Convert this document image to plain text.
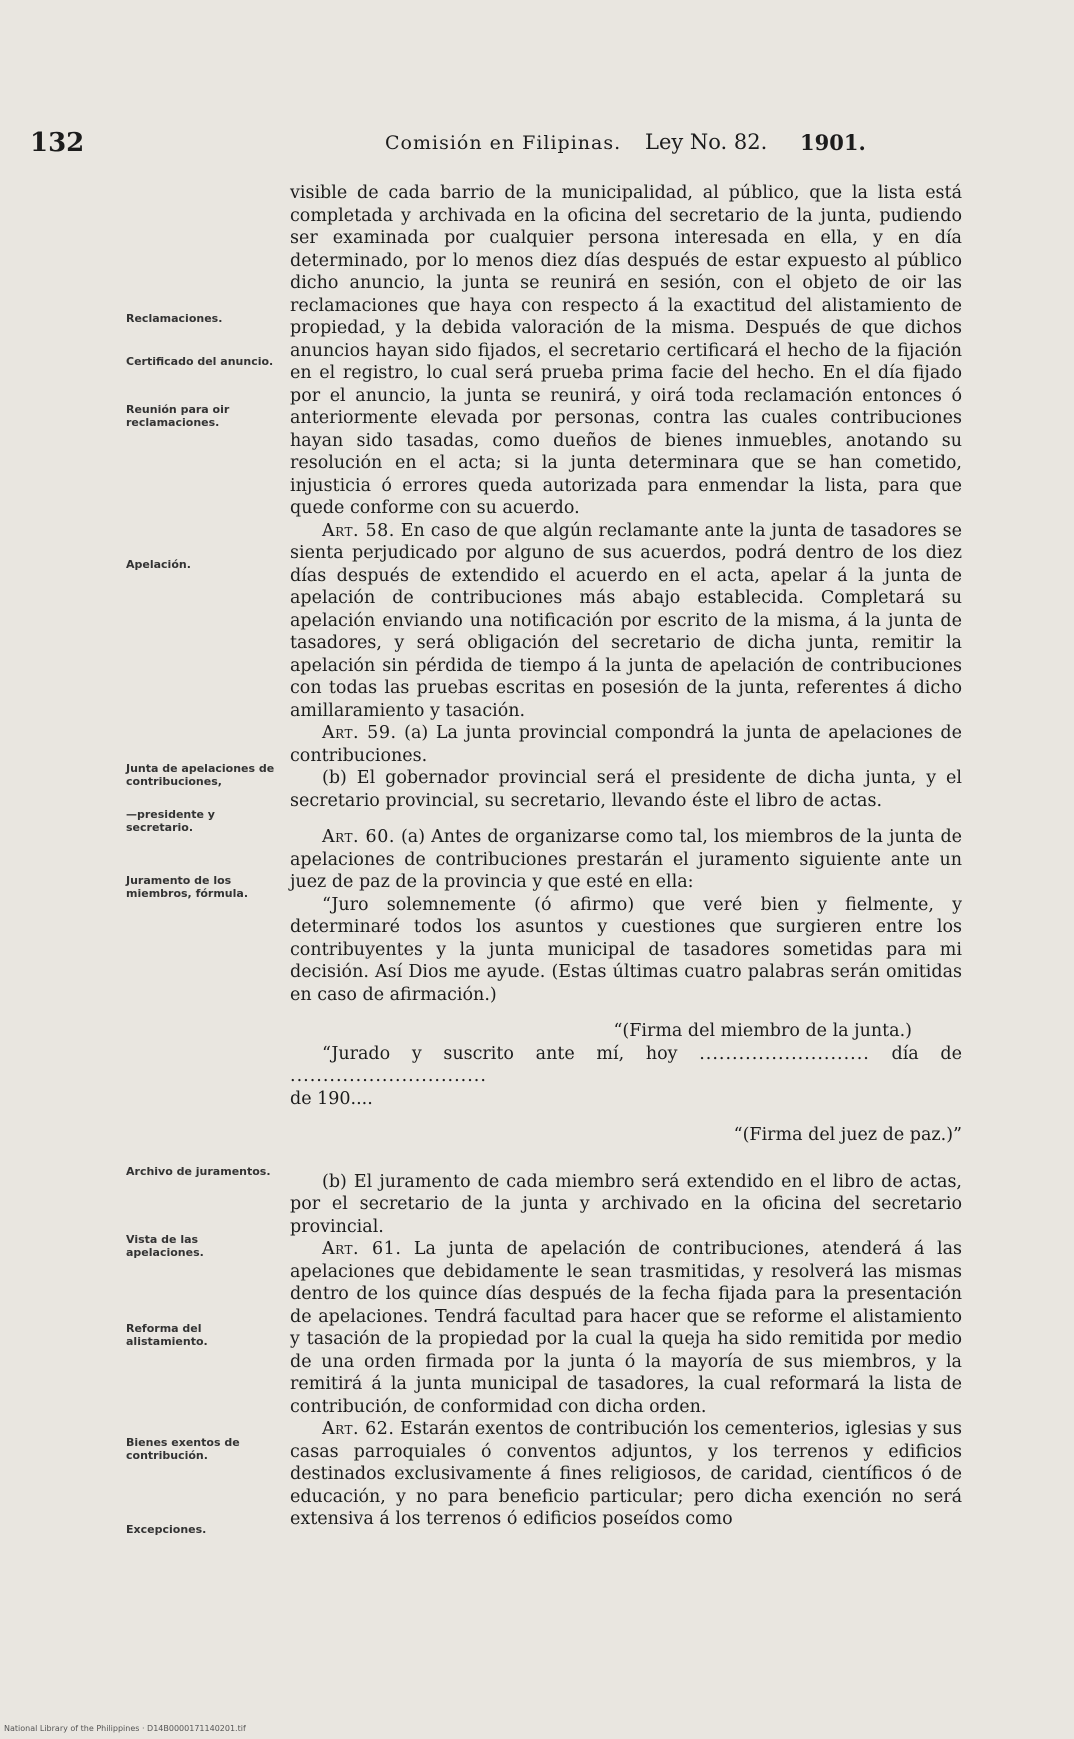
132	Comisión en Filipinas. Ley No. 82. 1901.
Reclamaciones.
Certificado del anuncio.
Reunión para oir reclamaciones.
Apelación.
Junta de apelaciones de contribuciones,
—presidente y secretario.
Juramento de los miembros, fórmula.
Archivo de juramentos.
Vista de las apelaciones.
Reforma del alistamiento.
Bienes exentos de contribución.
Excepciones.

visible de cada barrio de la municipalidad, al público, que la lista está completada y archivada en la oficina del secretario de la junta, pudiendo ser examinada por cualquier persona interesada en ella, y en día determinado, por lo menos diez días después de estar expuesto al público dicho anuncio, la junta se reunirá en sesión, con el objeto de oir las reclamaciones que haya con respecto á la exactitud del alistamiento de propiedad, y la debida valoración de la misma. Después de que dichos anuncios hayan sido fijados, el secretario certificará el hecho de la fijación en el registro, lo cual será prueba prima facie del hecho. En el día fijado por el anuncio, la junta se reunirá, y oirá toda reclamación entonces ó anteriormente elevada por personas, contra las cuales contribuciones hayan sido tasadas, como dueños de bienes inmuebles, anotando su resolución en el acta; si la junta determinara que se han cometido, injusticia ó errores queda autorizada para enmendar la lista, para que quede conforme con su acuerdo.

Art. 58. En caso de que algún reclamante ante la junta de tasadores se sienta perjudicado por alguno de sus acuerdos, podrá dentro de los diez días después de extendido el acuerdo en el acta, apelar á la junta de apelación de contribuciones más abajo establecida. Completará su apelación enviando una notificación por escrito de la misma, á la junta de tasadores, y será obligación del secretario de dicha junta, remitir la apelación sin pérdida de tiempo á la junta de apelación de contribuciones con todas las pruebas escritas en posesión de la junta, referentes á dicho amillaramiento y tasación.

Art. 59. (a) La junta provincial compondrá la junta de apelaciones de contribuciones.

(b) El gobernador provincial será el presidente de dicha junta, y el secretario provincial, su secretario, llevando éste el libro de actas.

Art. 60. (a) Antes de organizarse como tal, los miembros de la junta de apelaciones de contribuciones prestarán el juramento siguiente ante un juez de paz de la provincia y que esté en ella:

“Juro solemnemente (ó afirmo) que veré bien y fielmente, y determinaré todos los asuntos y cuestiones que surgieren entre los contribuyentes y la junta municipal de tasadores sometidas para mi decisión. Así Dios me ayude. (Estas últimas cuatro palabras serán omitidas en caso de afirmación.)

“(Firma del miembro de la junta.)

“Jurado y suscrito ante mí, hoy .......................... día de ..............................

de 190....

“(Firma del juez de paz.)”

(b) El juramento de cada miembro será extendido en el libro de actas, por el secretario de la junta y archivado en la oficina del secretario provincial.

Art. 61. La junta de apelación de contribuciones, atenderá á las apelaciones que debidamente le sean trasmitidas, y resolverá las mismas dentro de los quince días después de la fecha fijada para la presentación de apelaciones. Tendrá facultad para hacer que se reforme el alistamiento y tasación de la propiedad por la cual la queja ha sido remitida por medio de una orden firmada por la junta ó la mayoría de sus miembros, y la remitirá á la junta municipal de tasadores, la cual reformará la lista de contribución, de conformidad con dicha orden.

Art. 62. Estarán exentos de contribución los cementerios, iglesias y sus casas parroquiales ó conventos adjuntos, y los terrenos y edificios destinados exclusivamente á fines religiosos, de caridad, científicos ó de educación, y no para beneficio particular; pero dicha exención no será extensiva á los terrenos ó edificios poseídos como

National Library of the Philippines · D14B0000171140201.tif
